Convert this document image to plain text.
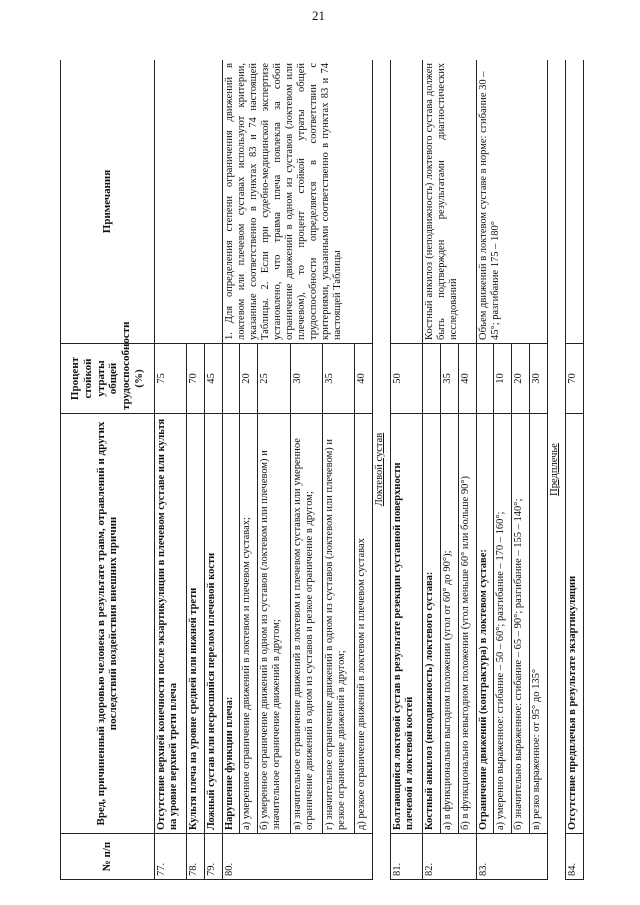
21
№ п/п	Вред, причиненный здоровью человека в результате травм, отравлений и других последствий воздействия внешних причин	Процент стойкой утраты общей трудоспособности (%)	Примечания
77.	Отсутствие верхней конечности после экзартикуляции в плечевом суставе или культя на уровне верхней трети плеча	75	
78.	Культя плеча на уровне средней или нижней трети	70	
79.	Ложный сустав или несросшийся перелом плечевой кости	45	
80.	Нарушение функции плеча:		1. Для определения степени ограничения движений в локтевом или плечевом суставах используют критерии, указанные соответственно в пунктах 83 и 74 настоящей Таблицы. 2. Если при судебно-медицинской экспертизе установлено, что травма плеча повлекла за собой ограничение движений в одном из суставов (локтевом или плечевом), то процент стойкой утраты общей трудоспособности определяется в соответствии с критериями, указанными соответственно в пунктах 83 и 74 настоящей Таблицы
	а) умеренное ограничение движений в локтевом и плечевом суставах;	20	
	б) умеренное ограничение движений в одном из суставов (локтевом или плечевом) и значительное ограничение движений в другом;	25	
	в) значительное ограничение движений в локтевом и плечевом суставах или умеренное ограничение движений в одном из суставов и резкое ограничение в другом;	30	
	г) значительное ограничение движений в одном из суставов (локтевом или плечевом) и резкое ограничение движений в другом;	35	
	д) резкое ограничение движений в локтевом и плечевом суставах	40	
Локтевой сустав			
81.	Болтающийся локтевой сустав в результате резекции суставной поверхности плечевой и локтевой костей	50	
82.	Костный анкилоз (неподвижность) локтевого сустава:		Костный анкилоз (неподвижность) локтевого сустава должен быть подтвержден результатами диагностических исследований
	а) в функционально выгодном положении (угол от 60° до 90°);	35	
	б) в функционально невыгодном положении (угол меньше 60° или больше 90°)	40	
83.	Ограничение движений (контрактура) в локтевом суставе:		Объем движений в локтевом суставе в норме: сгибание 30 – 45°; разгибание 175 – 180°
	а) умеренно выраженное: сгибание – 50 – 60°; разгибание – 170 – 160°;	10	
	б) значительно выраженное: сгибание – 65 – 90°; разгибание – 155 – 140°;	20	
	в) резко выраженное: от 95° до 135°	30	
Предплечье			
84.	Отсутствие предплечья в результате экзартикуляции	70	
